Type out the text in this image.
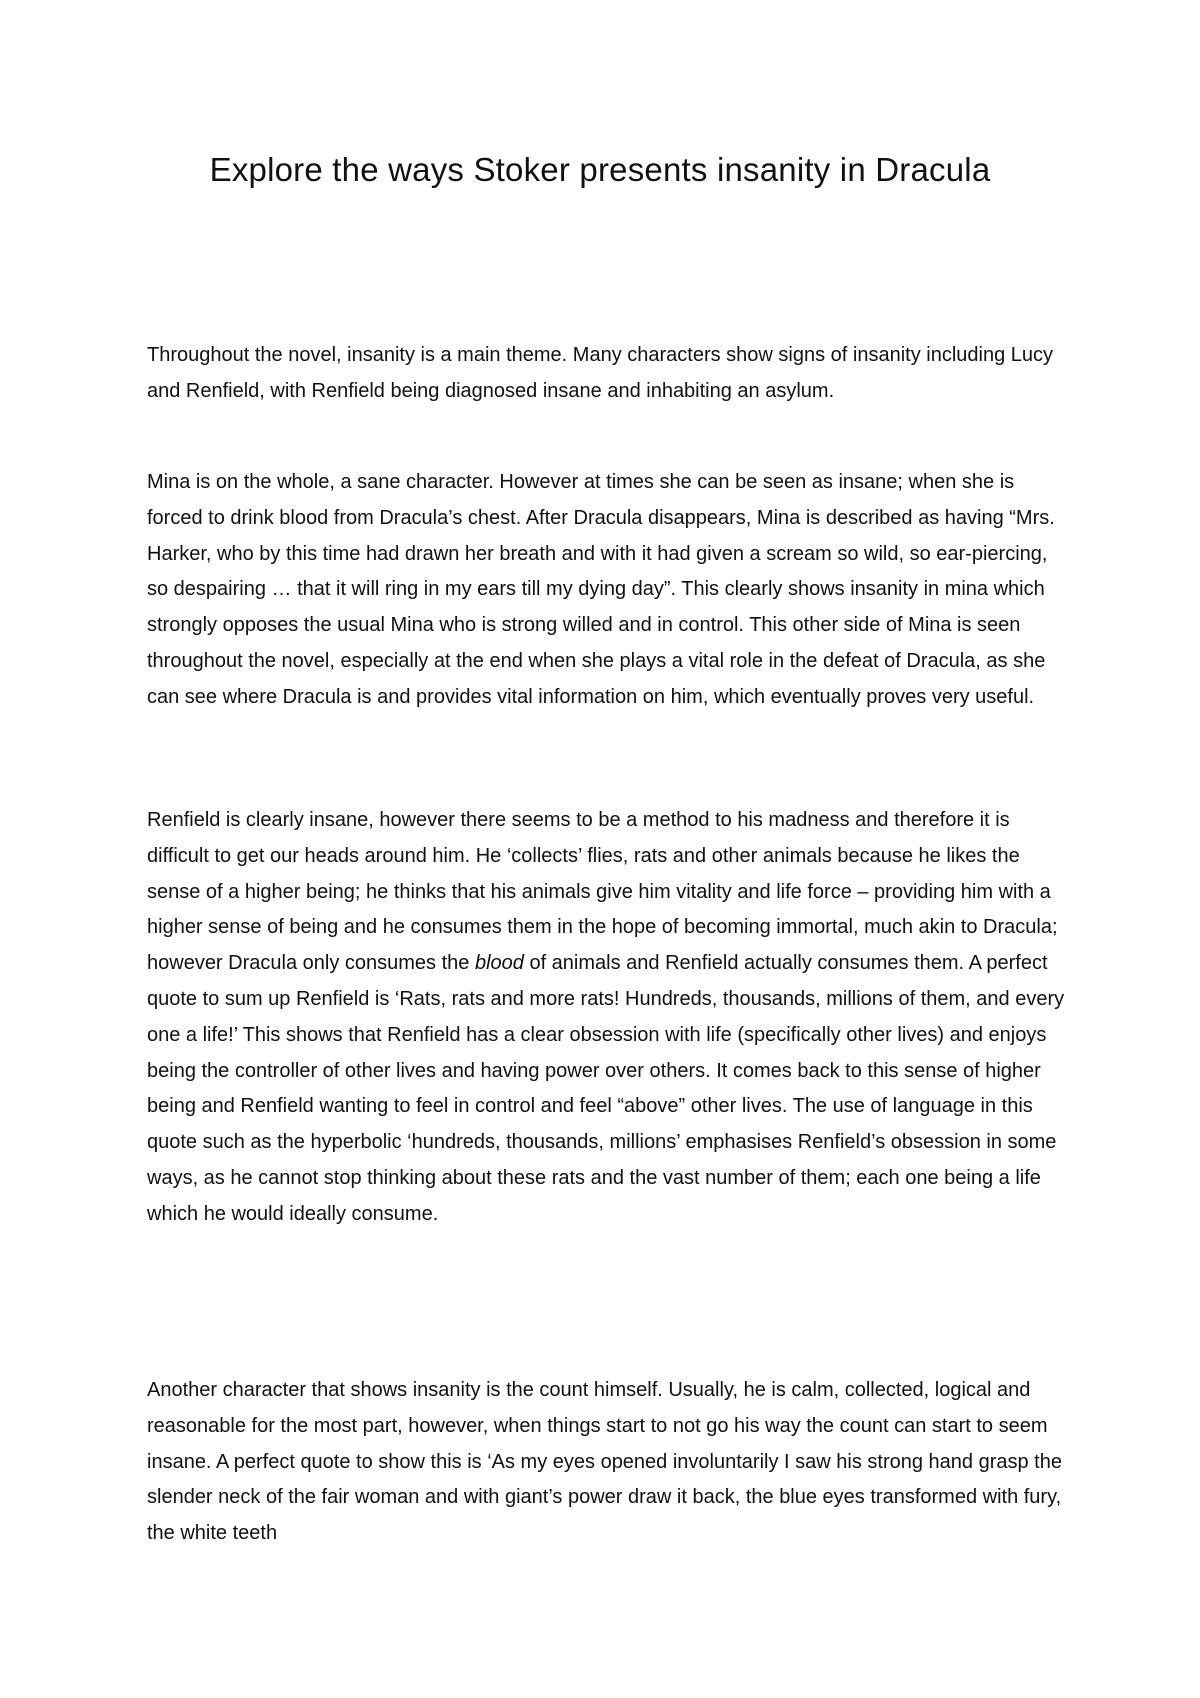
Explore the ways Stoker presents insanity in Dracula

Throughout the novel, insanity is a main theme. Many characters show signs of insanity including Lucy and Renfield, with Renfield being diagnosed insane and inhabiting an asylum.

Mina is on the whole, a sane character. However at times she can be seen as insane; when she is forced to drink blood from Dracula’s chest. After Dracula disappears, Mina is described as having “Mrs. Harker, who by this time had drawn her breath and with it had given a scream so wild, so ear-piercing, so despairing … that it will ring in my ears till my dying day”. This clearly shows insanity in mina which strongly opposes the usual Mina who is strong willed and in control. This other side of Mina is seen throughout the novel, especially at the end when she plays a vital role in the defeat of Dracula, as she can see where Dracula is and provides vital information on him, which eventually proves very useful.

Renfield is clearly insane, however there seems to be a method to his madness and therefore it is difficult to get our heads around him. He ‘collects’ flies, rats and other animals because he likes the sense of a higher being; he thinks that his animals give him vitality and life force – providing him with a higher sense of being and he consumes them in the hope of becoming immortal, much akin to Dracula; however Dracula only consumes the blood of animals and Renfield actually consumes them. A perfect quote to sum up Renfield is ‘Rats, rats and more rats! Hundreds, thousands, millions of them, and every one a life!’ This shows that Renfield has a clear obsession with life (specifically other lives) and enjoys being the controller of other lives and having power over others. It comes back to this sense of higher being and Renfield wanting to feel in control and feel “above” other lives. The use of language in this quote such as the hyperbolic ‘hundreds, thousands, millions’ emphasises Renfield’s obsession in some ways, as he cannot stop thinking about these rats and the vast number of them; each one being a life which he would ideally consume.

Another character that shows insanity is the count himself. Usually, he is calm, collected, logical and reasonable for the most part, however, when things start to not go his way the count can start to seem insane. A perfect quote to show this is ‘As my eyes opened involuntarily I saw his strong hand grasp the slender neck of the fair woman and with giant’s power draw it back, the blue eyes transformed with fury, the white teeth
